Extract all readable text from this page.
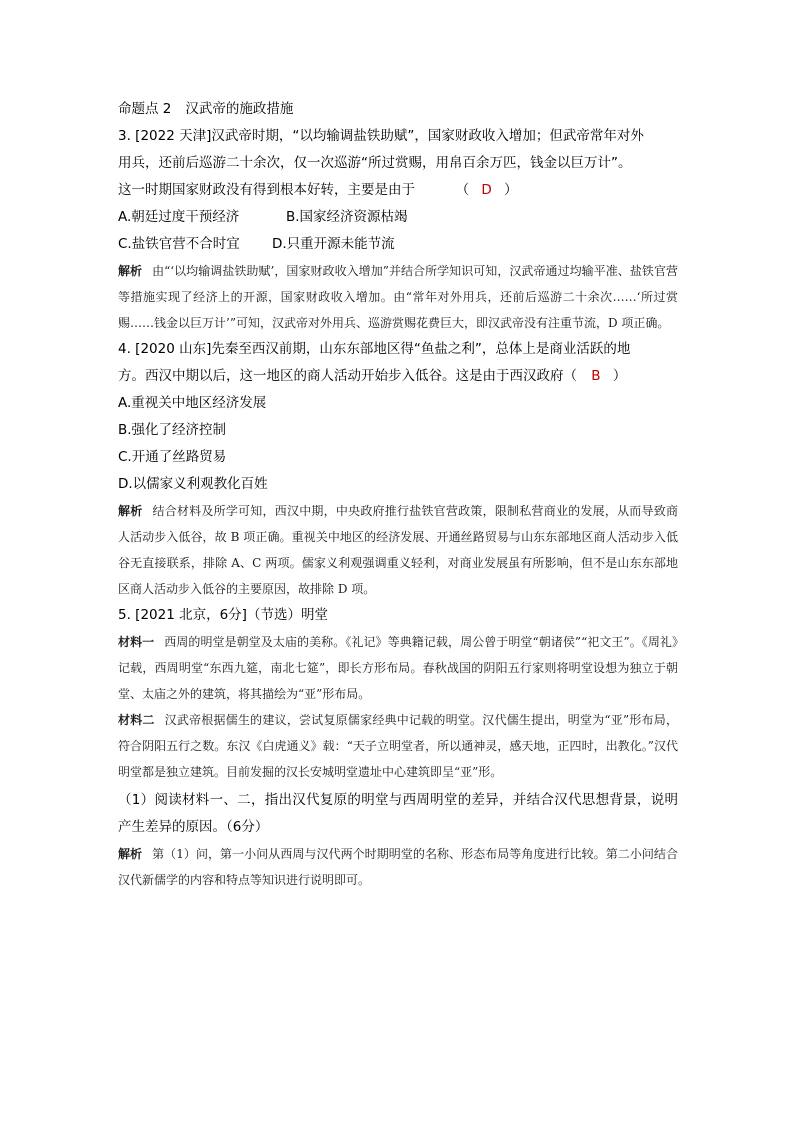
命题点 2 汉武帝的施政措施

3. [2022 天津]汉武帝时期，“以均输调盐铁助赋”，国家财政收入增加；但武帝常年对外

用兵，还前后巡游二十余次，仅一次巡游“所过赏赐，用帛百余万匹，钱金以巨万计”。

这一时期国家财政没有得到根本好转，主要是由于	（ D ）

A.朝廷过度干预经济	B.国家经济资源枯竭

C.盐铁官营不合时宜 D.只重开源未能节流

解析 由“‘以均输调盐铁助赋’，国家财政收入增加”并结合所学知识可知，汉武帝通过均输平准、盐铁官营等措施实现了经济上的开源，国家财政收入增加。由“常年对外用兵，还前后巡游二十余次……‘所过赏赐……钱金以巨万计’”可知，汉武帝对外用兵、巡游赏赐花费巨大，即汉武帝没有注重节流，D 项正确。

4. [2020 山东]先秦至西汉前期，山东东部地区得“鱼盐之利”，总体上是商业活跃的地

方。西汉中期以后，这一地区的商人活动开始步入低谷。这是由于西汉政府（ B ）

A.重视关中地区经济发展

B.强化了经济控制

C.开通了丝路贸易

D.以儒家义利观教化百姓

解析 结合材料及所学可知，西汉中期，中央政府推行盐铁官营政策，限制私营商业的发展，从而导致商人活动步入低谷，故 B 项正确。重视关中地区的经济发展、开通丝路贸易与山东东部地区商人活动步入低谷无直接联系，排除 A、C 两项。儒家义利观强调重义轻利，对商业发展虽有所影响，但不是山东东部地区商人活动步入低谷的主要原因，故排除 D 项。

5. [2021 北京，6分]（节选）明堂

材料一 西周的明堂是朝堂及太庙的美称。《礼记》等典籍记载，周公曾于明堂“朝诸侯”“祀文王”。《周礼》记载，西周明堂“东西九筵，南北七筵”，即长方形布局。春秋战国的阴阳五行家则将明堂设想为独立于朝堂、太庙之外的建筑，将其描绘为“亚”形布局。

材料二 汉武帝根据儒生的建议，尝试复原儒家经典中记载的明堂。汉代儒生提出，明堂为“亚”形布局，符合阴阳五行之数。东汉《白虎通义》载：“天子立明堂者，所以通神灵，感天地，正四时，出教化。”汉代明堂都是独立建筑。目前发掘的汉长安城明堂遗址中心建筑即呈“亚”形。

（1）阅读材料一、二，指出汉代复原的明堂与西周明堂的差异，并结合汉代思想背景，说明产生差异的原因。（6分）

解析 第（1）问，第一小问从西周与汉代两个时期明堂的名称、形态布局等角度进行比较。第二小问结合汉代新儒学的内容和特点等知识进行说明即可。
